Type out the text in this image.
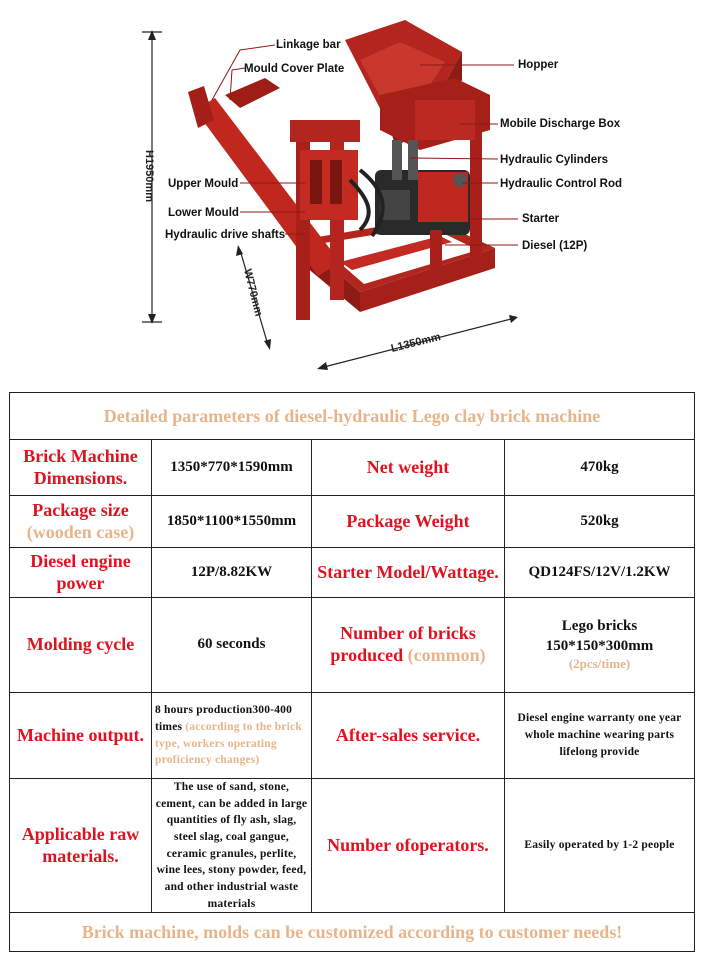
H1950mm
W770mm
L1350mm
Linkage bar
Mould Cover Plate	Hopper
Mobile Discharge Box
Hydraulic Cylinders
Hydraulic Control Rod
Upper Mould
Lower Mould
Hydraulic drive shafts
Starter
Diesel (12P)
Detailed parameters of diesel-hydraulic Lego clay brick machine			
Brick Machine Dimensions.	1350*770*1590mm	Net weight	470kg

Package size
(wooden case)	1850*1100*1550mm	Package Weight	520kg
Diesel engine power	12P/8.82KW	Starter Model/Wattage.	QD124FS/12V/1.2KW
Molding cycle	60 seconds	Number of bricks produced (common)	Lego bricks
150*150*300mm
(2pcs/time)

Machine output.	8 hours production300-400 times (according to the brick type, workers operating proficiency changes)	After-sales service.	Diesel engine warranty one year whole machine wearing parts lifelong provide
Applicable raw materials.	The use of sand, stone, cement, can be added in large quantities of fly ash, slag, steel slag, coal gangue, ceramic granules, perlite, wine lees, stony powder, feed, and other industrial waste materials	Number ofoperators.	Easily operated by 1-2 people
Brick machine, molds can be customized according to customer needs!			
